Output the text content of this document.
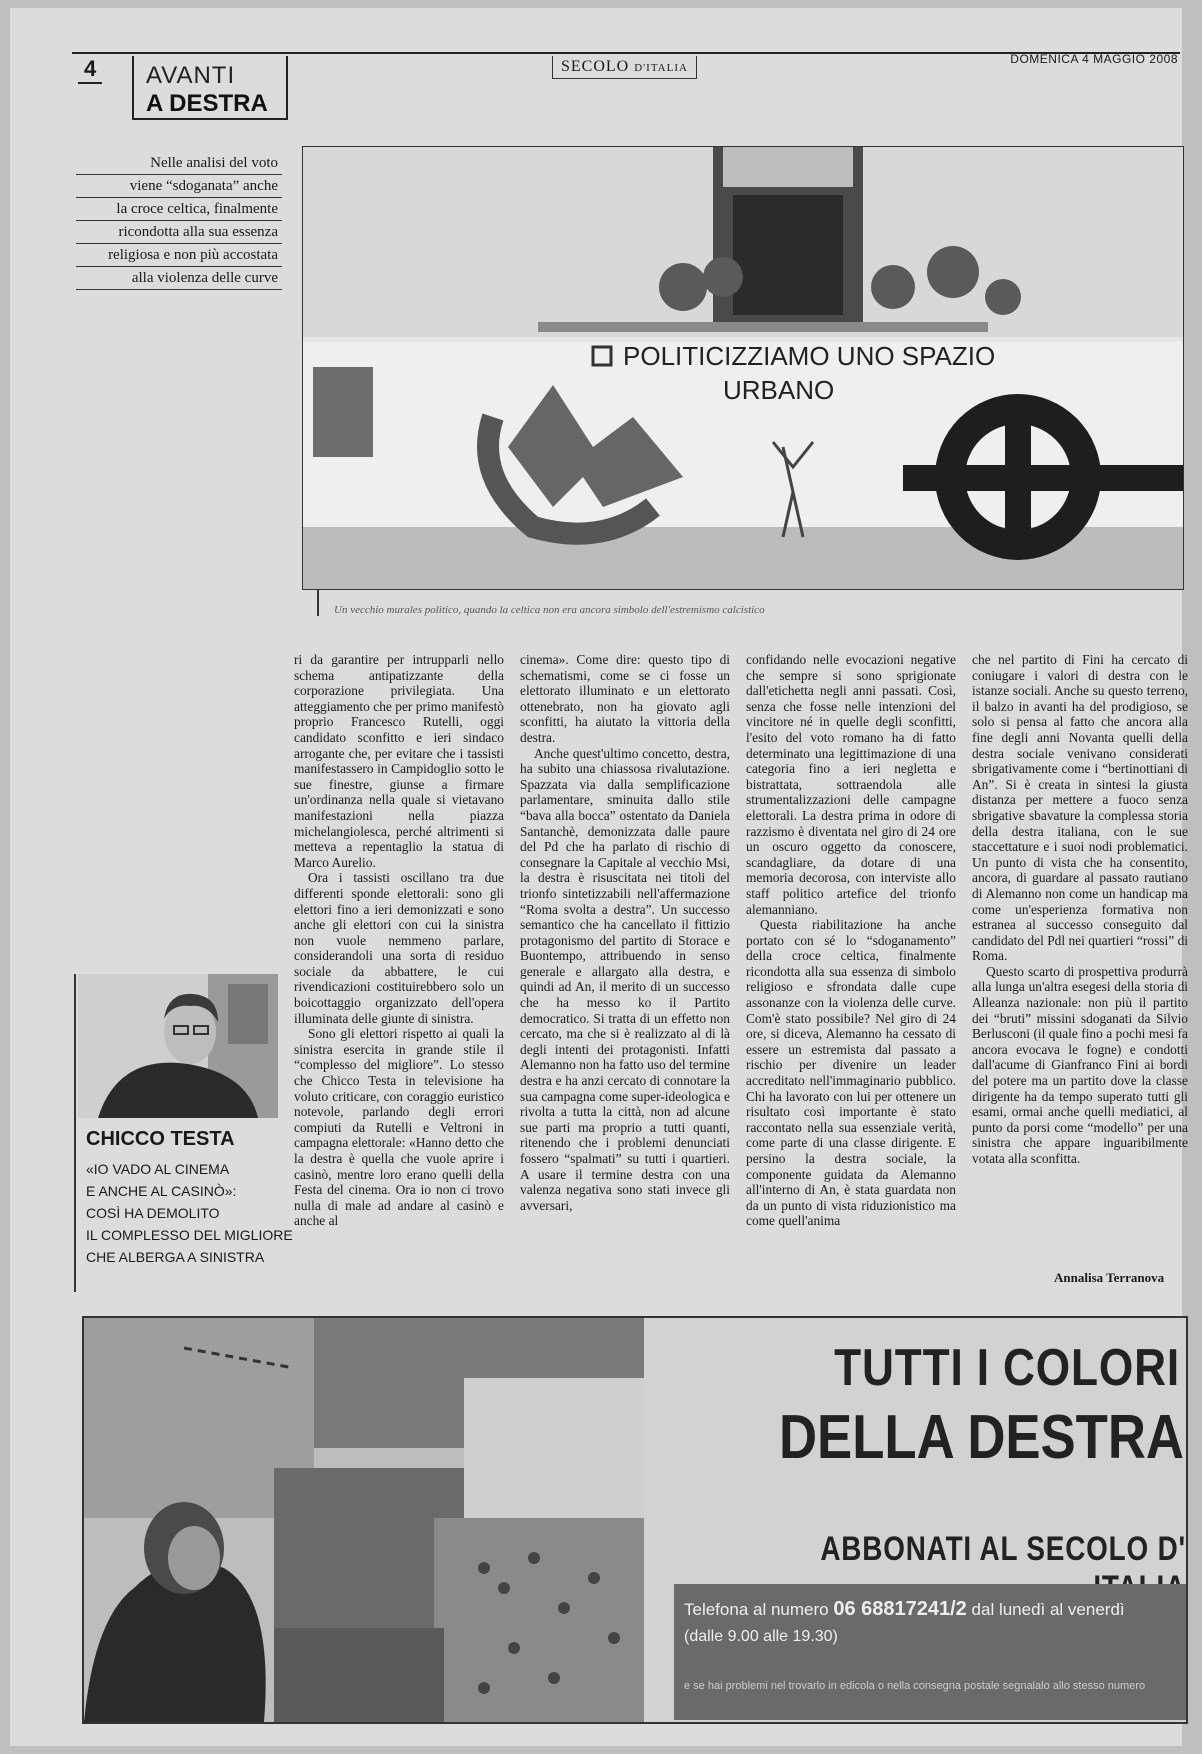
4 AVANTI
A DESTRA
SECOLO D'ITALIA
DOMENICA 4 MAGGIO 2008
Nelle analisi del voto
viene “sdoganata” anche
la croce celtica, finalmente
ricondotta alla sua essenza
religiosa e non più accostata
alla violenza delle curve
POLITICIZZIAMO UNO SPAZIO
URBANO
Un vecchio murales politico, quando la celtica non era ancora simbolo dell'estremismo calcistico

ri da garantire per intrupparli nello schema antipatizzante della corporazione privilegiata. Una atteggiamento che per primo manifestò proprio Francesco Rutelli, oggi candidato sconfitto e ieri sindaco arrogante che, per evitare che i tassisti manifestassero in Campidoglio sotto le sue finestre, giunse a firmare un'ordinanza nella quale si vietavano manifestazioni nella piazza michelangiolesca, perché altrimenti si metteva a repentaglio la statua di Marco Aurelio.

Ora i tassisti oscillano tra due differenti sponde elettorali: sono gli elettori fino a ieri demonizzati e sono anche gli elettori con cui la sinistra non vuole nemmeno parlare, considerandoli una sorta di residuo sociale da abbattere, le cui rivendicazioni costituirebbero solo un boicottaggio organizzato dell'opera illuminata delle giunte di sinistra.

Sono gli elettori rispetto ai quali la sinistra esercita in grande stile il “complesso del migliore”. Lo stesso che Chicco Testa in televisione ha voluto criticare, con coraggio euristico notevole, parlando degli errori compiuti da Rutelli e Veltroni in campagna elettorale: «Hanno detto che la destra è quella che vuole aprire i casinò, mentre loro erano quelli della Festa del cinema. Ora io non ci trovo nulla di male ad andare al casinò e anche al

cinema». Come dire: questo tipo di schematismi, come se ci fosse un elettorato illuminato e un elettorato ottenebrato, non ha giovato agli sconfitti, ha aiutato la vittoria della destra.

Anche quest'ultimo concetto, destra, ha subito una chiassosa rivalutazione. Spazzata via dalla semplificazione parlamentare, sminuita dallo stile “bava alla bocca” ostentato da Daniela Santanchè, demonizzata dalle paure del Pd che ha parlato di rischio di consegnare la Capitale al vecchio Msi, la destra è risuscitata nei titoli del trionfo sintetizzabili nell'affermazione “Roma svolta a destra”. Un successo semantico che ha cancellato il fittizio protagonismo del partito di Storace e Buontempo, attribuendo in senso generale e allargato alla destra, e quindi ad An, il merito di un successo che ha messo ko il Partito democratico. Si tratta di un effetto non cercato, ma che si è realizzato al di là degli intenti dei protagonisti. Infatti Alemanno non ha fatto uso del termine destra e ha anzi cercato di connotare la sua campagna come super-ideologica e rivolta a tutta la città, non ad alcune sue parti ma proprio a tutti quanti, ritenendo che i problemi denunciati fossero “spalmati” su tutti i quartieri. A usare il termine destra con una valenza negativa sono stati invece gli avversari,

confidando nelle evocazioni negative che sempre si sono sprigionate dall'etichetta negli anni passati. Così, senza che fosse nelle intenzioni del vincitore né in quelle degli sconfitti, l'esito del voto romano ha di fatto determinato una legittimazione di una categoria fino a ieri negletta e bistrattata, sottraendola alle strumentalizzazioni delle campagne elettorali. La destra prima in odore di razzismo è diventata nel giro di 24 ore un oscuro oggetto da conoscere, scandagliare, da dotare di una memoria decorosa, con interviste allo staff politico artefice del trionfo alemanniano.

Questa riabilitazione ha anche portato con sé lo “sdoganamento” della croce celtica, finalmente ricondotta alla sua essenza di simbolo religioso e sfrondata dalle cupe assonanze con la violenza delle curve. Com'è stato possibile? Nel giro di 24 ore, si diceva, Alemanno ha cessato di essere un estremista dal passato a rischio per divenire un leader accreditato nell'immaginario pubblico. Chi ha lavorato con lui per ottenere un risultato così importante è stato raccontato nella sua essenziale verità, come parte di una classe dirigente. E persino la destra sociale, la componente guidata da Alemanno all'interno di An, è stata guardata non da un punto di vista riduzionistico ma come quell'anima

che nel partito di Fini ha cercato di coniugare i valori di destra con le istanze sociali. Anche su questo terreno, il balzo in avanti ha del prodigioso, se solo si pensa al fatto che ancora alla fine degli anni Novanta quelli della destra sociale venivano considerati sbrigativamente come i “bertinottiani di An”. Si è creata in sintesi la giusta distanza per mettere a fuoco senza sbrigative sbavature la complessa storia della destra italiana, con le sue staccettature e i suoi nodi problematici. Un punto di vista che ha consentito, ancora, di guardare al passato rautiano di Alemanno non come un handicap ma come un'esperienza formativa non estranea al successo conseguito dal candidato del Pdl nei quartieri “rossi” di Roma.

Questo scarto di prospettiva produrrà alla lunga un'altra esegesi della storia di Alleanza nazionale: non più il partito dei “bruti” missini sdoganati da Silvio Berlusconi (il quale fino a pochi mesi fa ancora evocava le fogne) e condotti dall'acume di Gianfranco Fini ai bordi del potere ma un partito dove la classe dirigente ha da tempo superato tutti gli esami, ormai anche quelli mediatici, al punto da porsi come “modello” per una sinistra che appare inguaribilmente votata alla sconfitta.

Annalisa Terranova
CHICCO TESTA
«IO VADO AL CINEMA
E ANCHE AL CASINÒ»:
COSÌ HA DEMOLITO
IL COMPLESSO DEL MIGLIORE
CHE ALBERGA A SINISTRA
TUTTI I COLORI
DELLA DESTRA
ABBONATI AL SECOLO D'
Telefona al numero 06 68817241/2 dal lunedì al venerdì
(dalle 9.00 alle 19.30)
e se hai problemi nel trovarlo in edicola o nella consegna postale segnalalo allo stesso numero
